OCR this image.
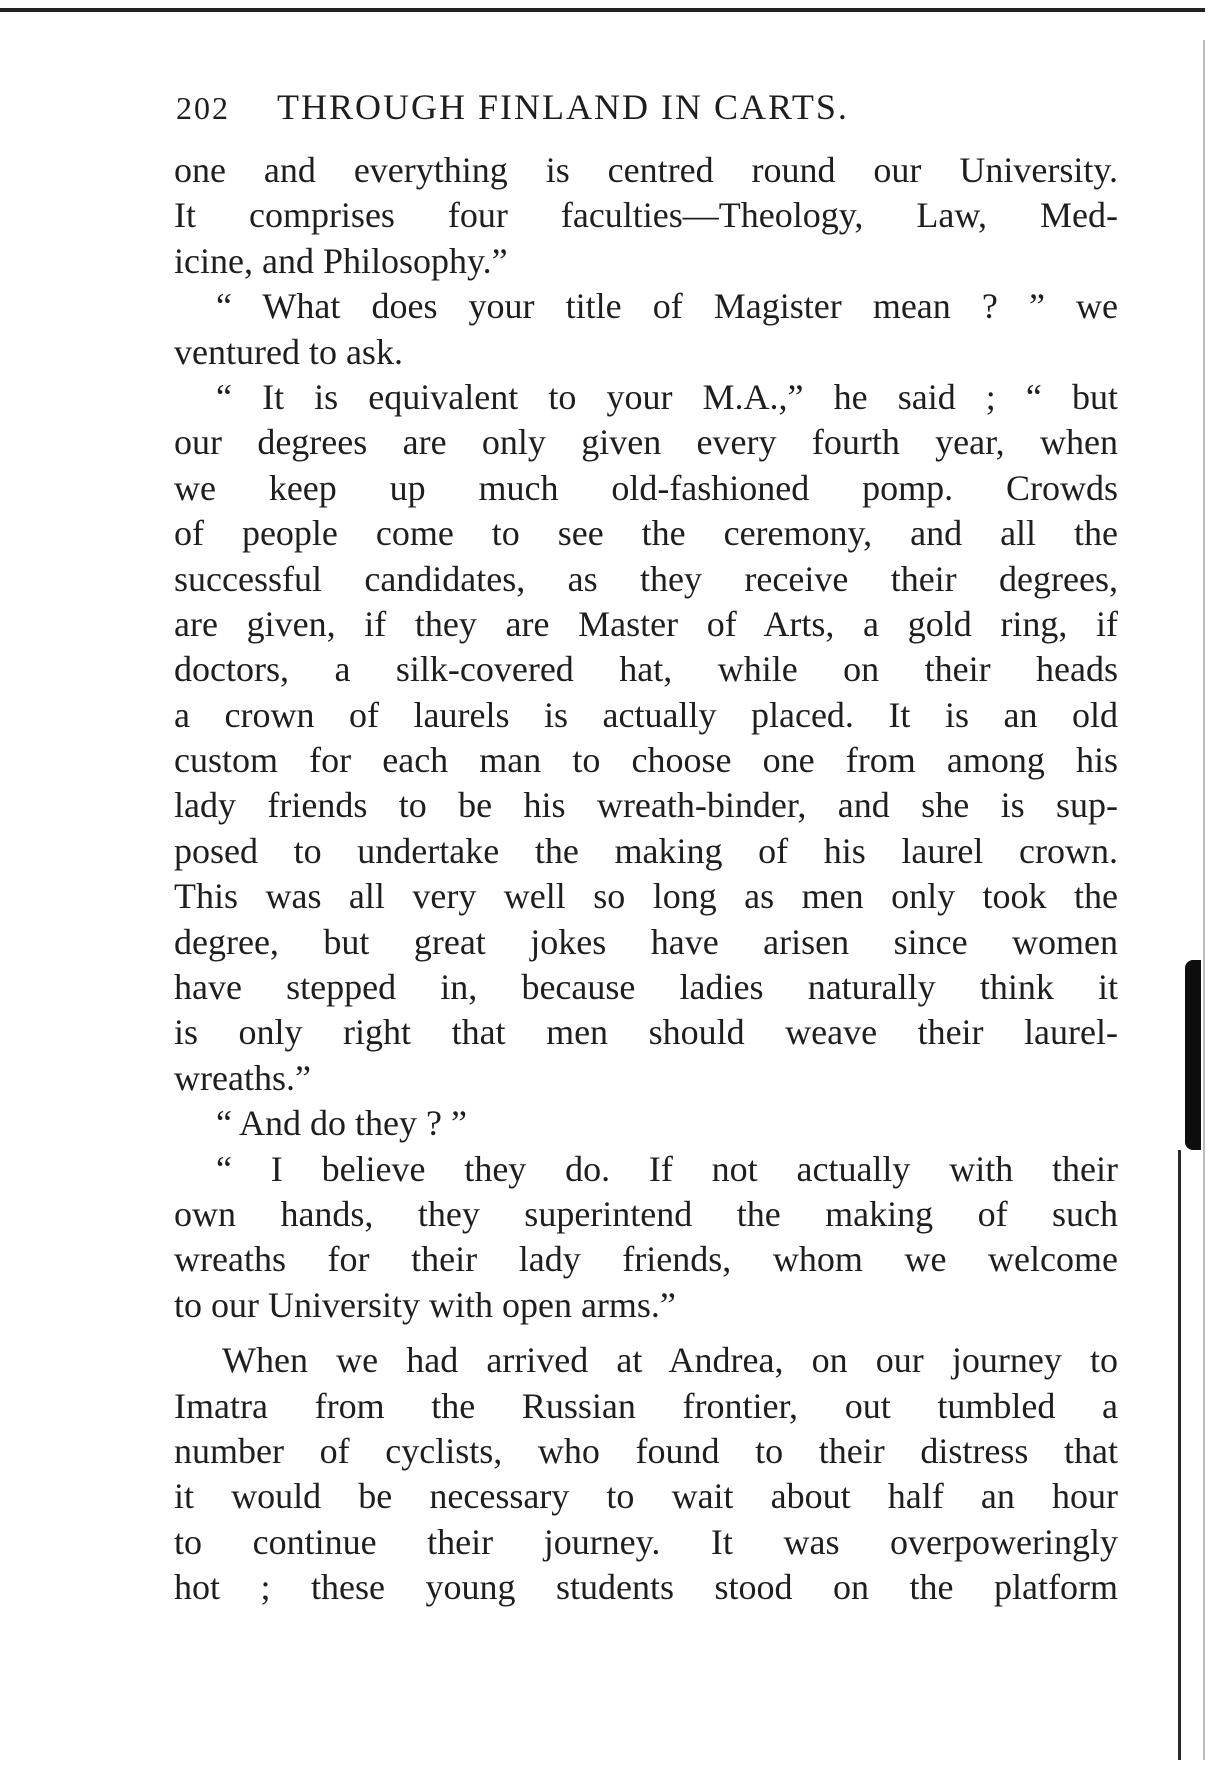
202 THROUGH FINLAND IN CARTS.
one and everything is centred round our University.
It comprises four faculties—Theology, Law, Med-
icine, and Philosophy.”
“ What does your title of Magister mean ? ” we
ventured to ask.
“ It is equivalent to your M.A.,” he said ; “ but
our degrees are only given every fourth year, when
we keep up much old-fashioned pomp. Crowds
of people come to see the ceremony, and all the
successful candidates, as they receive their degrees,
are given, if they are Master of Arts, a gold ring, if
doctors, a silk-covered hat, while on their heads
a crown of laurels is actually placed. It is an old
custom for each man to choose one from among his
lady friends to be his wreath-binder, and she is sup-
posed to undertake the making of his laurel crown.
This was all very well so long as men only took the
degree, but great jokes have arisen since women
have stepped in, because ladies naturally think it
is only right that men should weave their laurel-
wreaths.”
“ And do they ? ”
“ I believe they do. If not actually with their
own hands, they superintend the making of such
wreaths for their lady friends, whom we welcome
to our University with open arms.”
When we had arrived at Andrea, on our journey to
Imatra from the Russian frontier, out tumbled a
number of cyclists, who found to their distress that
it would be necessary to wait about half an hour
to continue their journey. It was overpoweringly
hot ; these young students stood on the platform
